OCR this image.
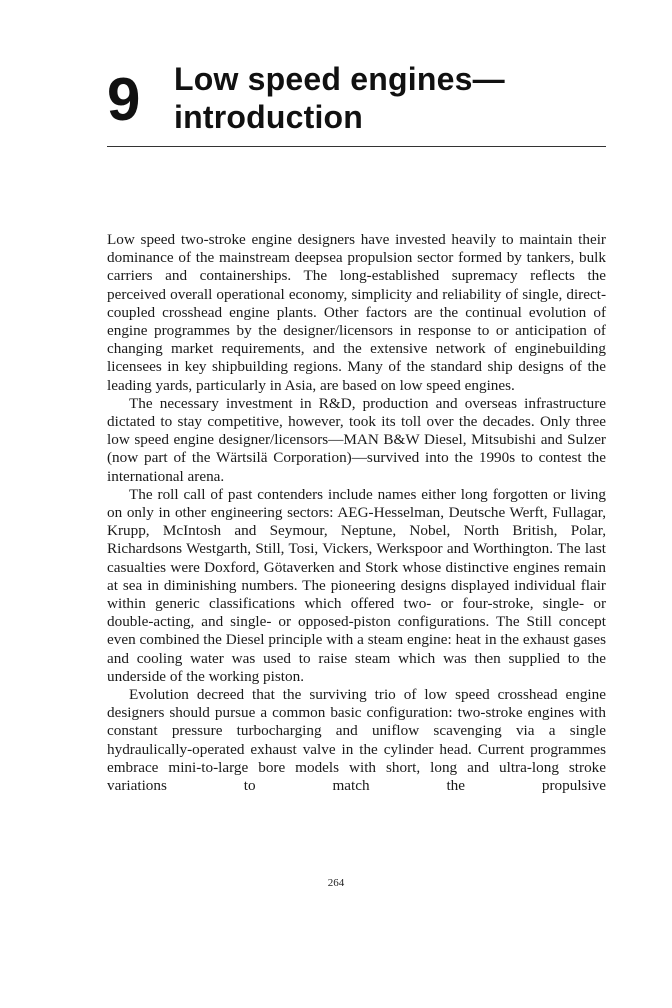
9 Low speed engines—
introduction

Low speed two-stroke engine designers have invested heavily to maintain their dominance of the mainstream deepsea propulsion sector formed by tankers, bulk carriers and containerships. The long-established supremacy reflects the perceived overall operational economy, simplicity and reliability of single, direct-coupled crosshead engine plants. Other factors are the continual evolution of engine programmes by the designer/licensors in response to or anticipation of changing market requirements, and the extensive network of enginebuilding licensees in key shipbuilding regions. Many of the standard ship designs of the leading yards, particularly in Asia, are based on low speed engines.

The necessary investment in R&D, production and overseas infrastructure dictated to stay competitive, however, took its toll over the decades. Only three low speed engine designer/licensors—MAN B&W Diesel, Mitsubishi and Sulzer (now part of the Wärtsilä Corporation)—survived into the 1990s to contest the international arena.

The roll call of past contenders include names either long forgotten or living on only in other engineering sectors: AEG-Hesselman, Deutsche Werft, Fullagar, Krupp, McIntosh and Seymour, Neptune, Nobel, North British, Polar, Richardsons Westgarth, Still, Tosi, Vickers, Werkspoor and Worthington. The last casualties were Doxford, Götaverken and Stork whose distinctive engines remain at sea in diminishing numbers. The pioneering designs displayed individual flair within generic classifications which offered two- or four-stroke, single- or double-acting, and single- or opposed-piston configurations. The Still concept even combined the Diesel principle with a steam engine: heat in the exhaust gases and cooling water was used to raise steam which was then supplied to the underside of the working piston.

Evolution decreed that the surviving trio of low speed crosshead engine designers should pursue a common basic configuration: two-stroke engines with constant pressure turbocharging and uniflow scavenging via a single hydraulically-operated exhaust valve in the cylinder head. Current programmes embrace mini-to-large bore models with short, long and ultra-long stroke variations to match the propulsive

264
